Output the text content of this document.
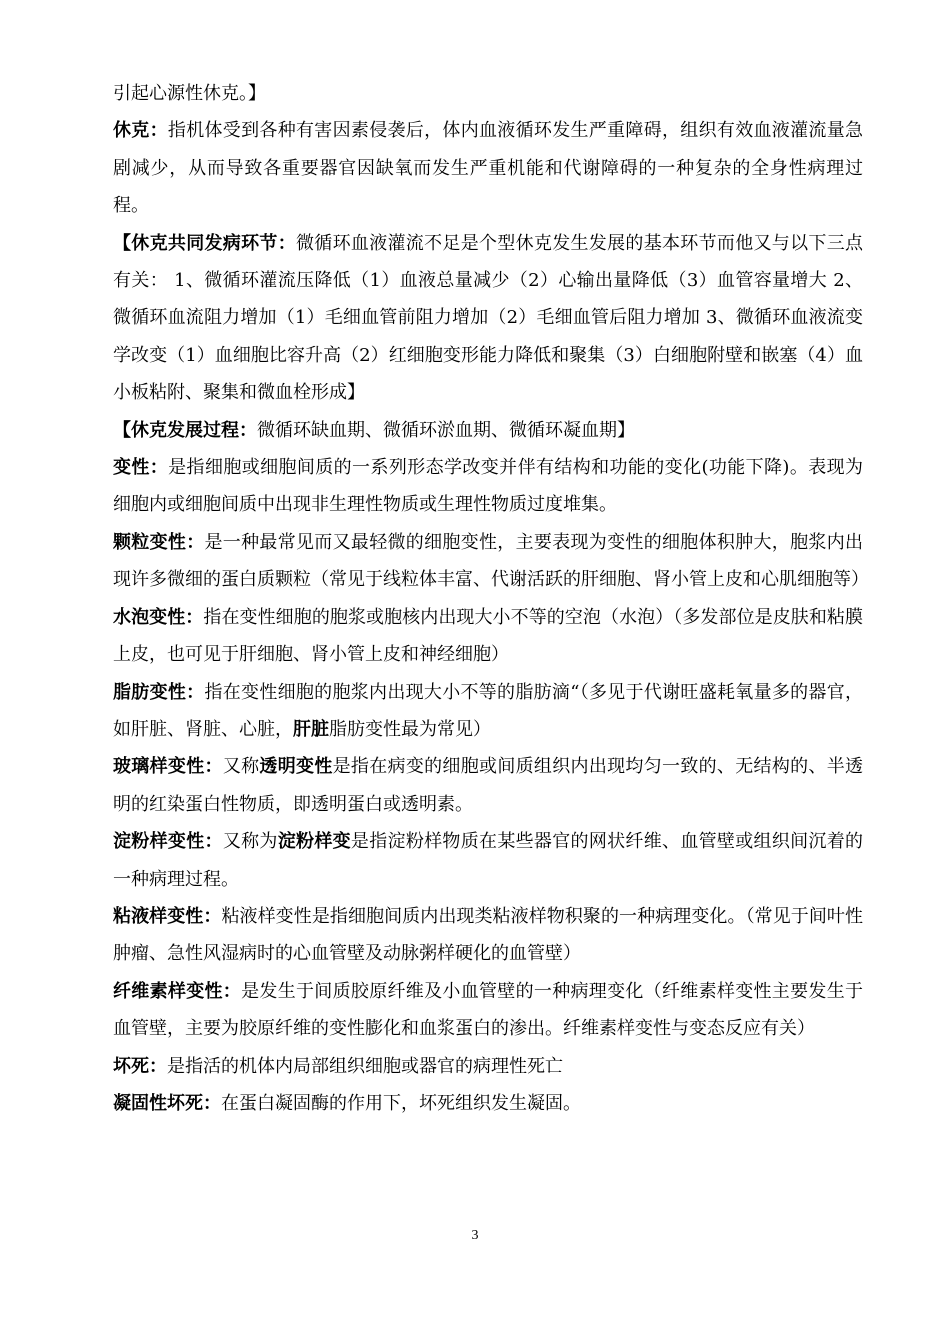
引起心源性休克。】

休克：指机体受到各种有害因素侵袭后，体内血液循环发生严重障碍，组织有效血液灌流量急剧减少，从而导致各重要器官因缺氧而发生严重机能和代谢障碍的一种复杂的全身性病理过程。

【休克共同发病环节：微循环血液灌流不足是个型休克发生发展的基本环节而他又与以下三点有关： 1、微循环灌流压降低（1）血液总量减少（2）心输出量降低（3）血管容量增大 2、微循环血流阻力增加（1）毛细血管前阻力增加（2）毛细血管后阻力增加 3、微循环血液流变学改变（1）血细胞比容升高（2）红细胞变形能力降低和聚集（3）白细胞附壁和嵌塞（4）血小板粘附、聚集和微血栓形成】

【休克发展过程：微循环缺血期、微循环淤血期、微循环凝血期】

变性：是指细胞或细胞间质的一系列形态学改变并伴有结构和功能的变化(功能下降)。表现为细胞内或细胞间质中出现非生理性物质或生理性物质过度堆集。

颗粒变性：是一种最常见而又最轻微的细胞变性，主要表现为变性的细胞体积肿大，胞浆内出现许多微细的蛋白质颗粒（常见于线粒体丰富、代谢活跃的肝细胞、肾小管上皮和心肌细胞等）

水泡变性：指在变性细胞的胞浆或胞核内出现大小不等的空泡（水泡）（多发部位是皮肤和粘膜上皮，也可见于肝细胞、肾小管上皮和神经细胞）

脂肪变性：指在变性细胞的胞浆内出现大小不等的脂肪滴“（多见于代谢旺盛耗氧量多的器官，如肝脏、肾脏、心脏，肝脏脂肪变性最为常见）

玻璃样变性：又称透明变性是指在病变的细胞或间质组织内出现均匀一致的、无结构的、半透明的红染蛋白性物质，即透明蛋白或透明素。

淀粉样变性：又称为淀粉样变是指淀粉样物质在某些器官的网状纤维、血管壁或组织间沉着的一种病理过程。

粘液样变性：粘液样变性是指细胞间质内出现类粘液样物积聚的一种病理变化。（常见于间叶性肿瘤、急性风湿病时的心血管壁及动脉粥样硬化的血管壁）

纤维素样变性：是发生于间质胶原纤维及小血管壁的一种病理变化（纤维素样变性主要发生于血管壁，主要为胶原纤维的变性膨化和血浆蛋白的渗出。纤维素样变性与变态反应有关）

坏死：是指活的机体内局部组织细胞或器官的病理性死亡

凝固性坏死：在蛋白凝固酶的作用下，坏死组织发生凝固。

3
